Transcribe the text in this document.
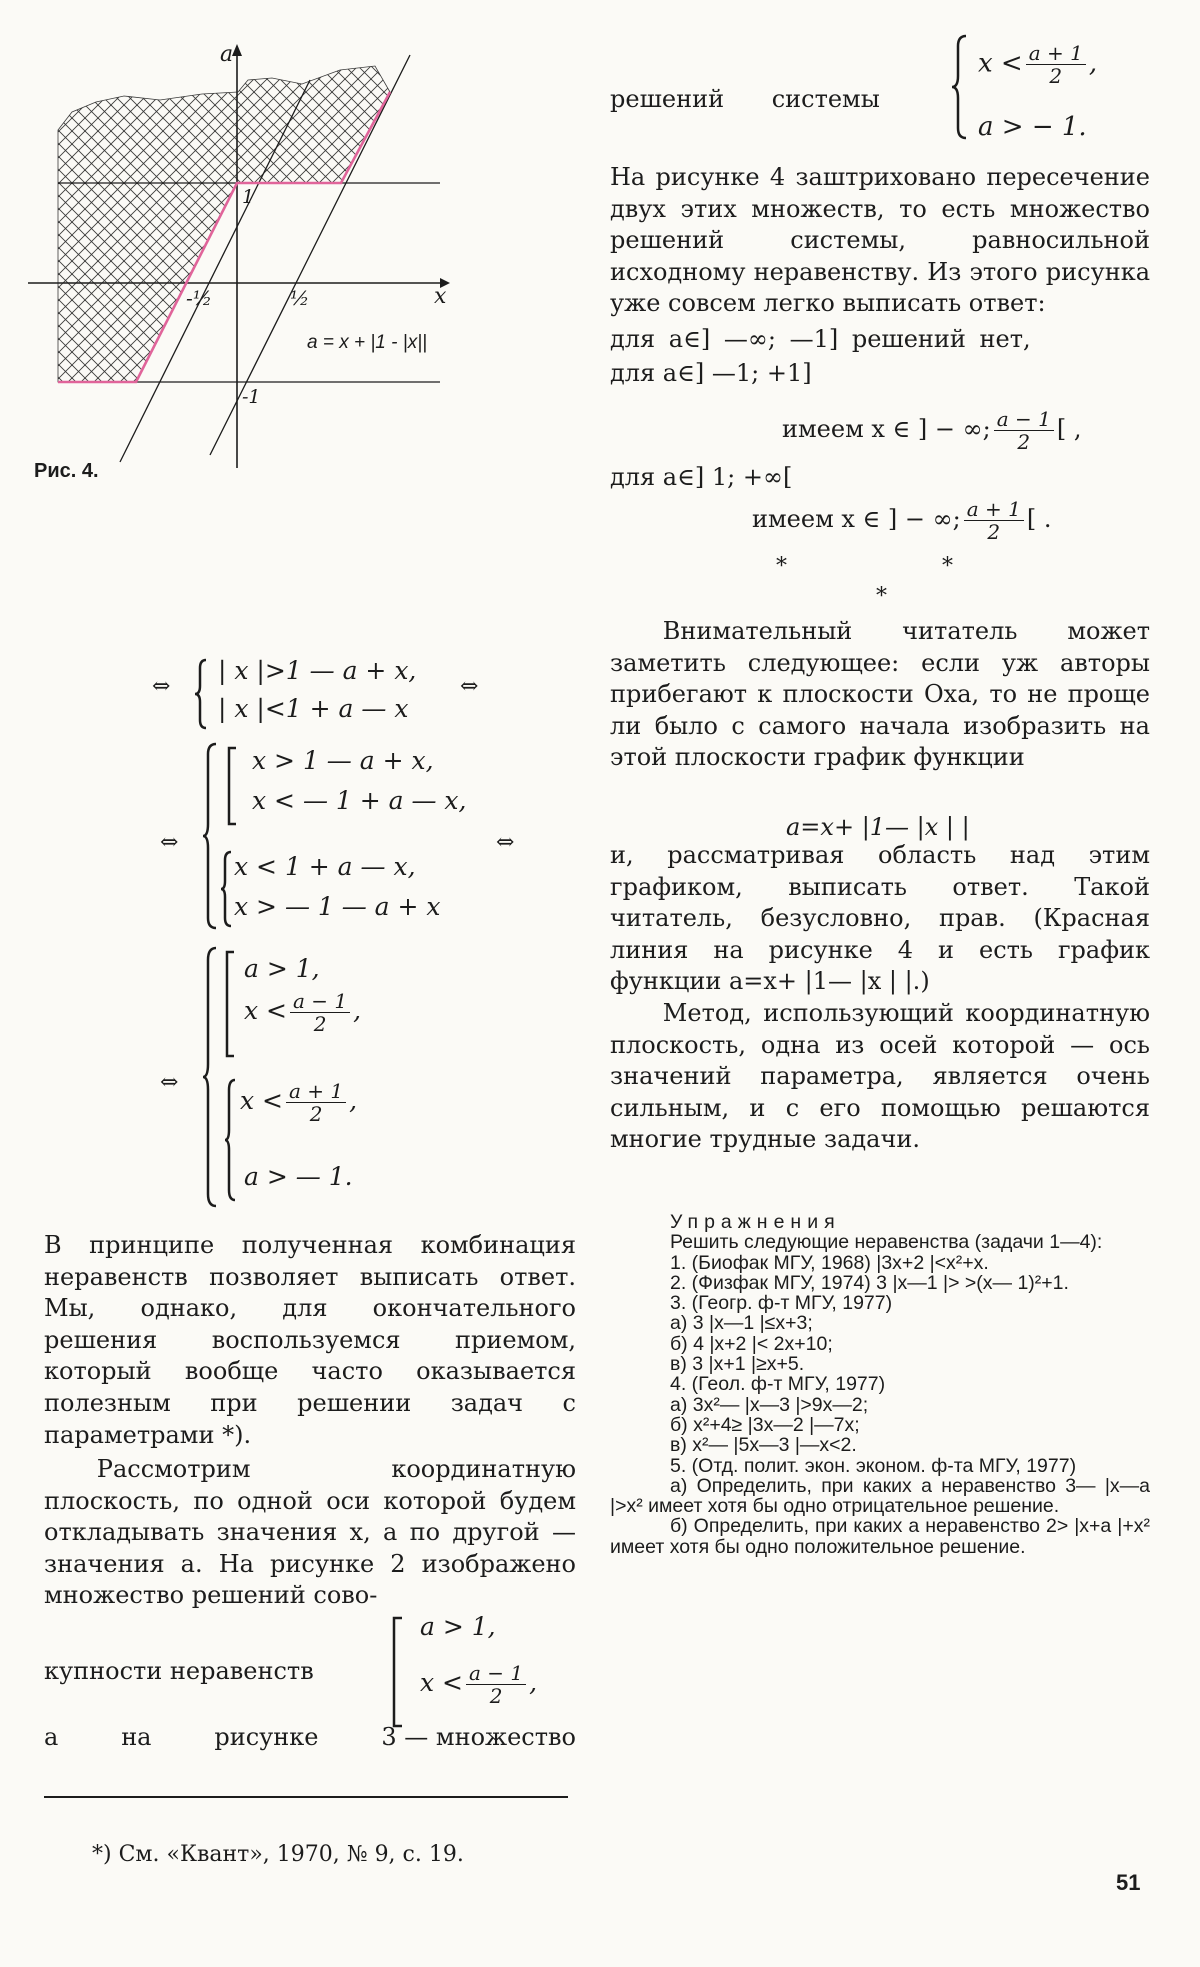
a
x
1
-1
-½	½
a = x + |1 - |x||
Рис. 4.
решений системы
$x < \frac{a + 1}{2}$ ,
a > − 1.

На рисунке 4 заштриховано пересечение двух этих множеств, то есть множество решений системы, равносильной исходному неравенству. Из этого рисунка уже совсем легко выписать ответ:

для a∈] —∞; —1] решений нет,
для a∈] —1; +1]
имеем x ∈ ] − ∞; $\frac{a - 1}{2}$ [ ,
для a∈] 1; +∞[
имеем x ∈ ] − ∞; $\frac{a + 1}{2}$ [ .
*	*
*

Внимательный читатель может заметить следующее: если уж авторы прибегают к плоскости Oxa, то не проще ли было с самого начала изобразить на этой плоскости график функции

a=x+ |1— |x | |

и, рассматривая область над этим графиком, выписать ответ. Такой читатель, безусловно, прав. (Красная линия на рисунке 4 и есть график функции a=x+ |1— |x | |.)

Метод, использующий координатную плоскость, одна из осей которой — ось значений параметра, является очень сильным, и с его помощью решаются многие трудные задачи.

⇔
| x |>1 — a + x,
| x |<1 + a — x
⇔
⇔
x > 1 — a + x,
x < — 1 + a — x,
x < 1 + a — x,
x > — 1 — a + x
⇔
⇔
a > 1,
$x < \frac{a - 1}{2}$ ,
$x < \frac{a + 1}{2}$ ,
a > — 1.

В принципе полученная комбинация неравенств позволяет выписать ответ. Мы, однако, для окончательного решения воспользуемся приемом, который вообще часто оказывается полезным при решении задач с параметрами *).

Рассмотрим координатную плоскость, по одной оси которой будем откладывать значения x, а по другой — значения a. На рисунке 2 изображено множество решений сово-

купности неравенств
a > 1,
$x < \frac{a - 1}{2}$ ,
а	на	рисунке	3 — множество
*) См. «Квант», 1970, № 9, с. 19.

Упражнения

Решить следующие неравенства (задачи 1—4):

1. (Биофак МГУ, 1968) |3x+2 |<x²+x.

2. (Физфак МГУ, 1974) 3 |x—1 |> >(x— 1)²+1.

3. (Геогр. ф-т МГУ, 1977)

а) 3 |x—1 |≤x+3;

б) 4 |x+2 |< 2x+10;

в) 3 |x+1 |≥x+5.

4. (Геол. ф-т МГУ, 1977)

а) 3x²— |x—3 |>9x—2;

б) x²+4≥ |3x—2 |—7x;

в) x²— |5x—3 |—x<2.

5. (Отд. полит. экон. эконом. ф-та МГУ, 1977)

а) Определить, при каких a неравенство 3— |x—a |>x² имеет хотя бы одно отрицательное решение.

б) Определить, при каких a неравенство 2> |x+a |+x² имеет хотя бы одно положительное решение.

51
